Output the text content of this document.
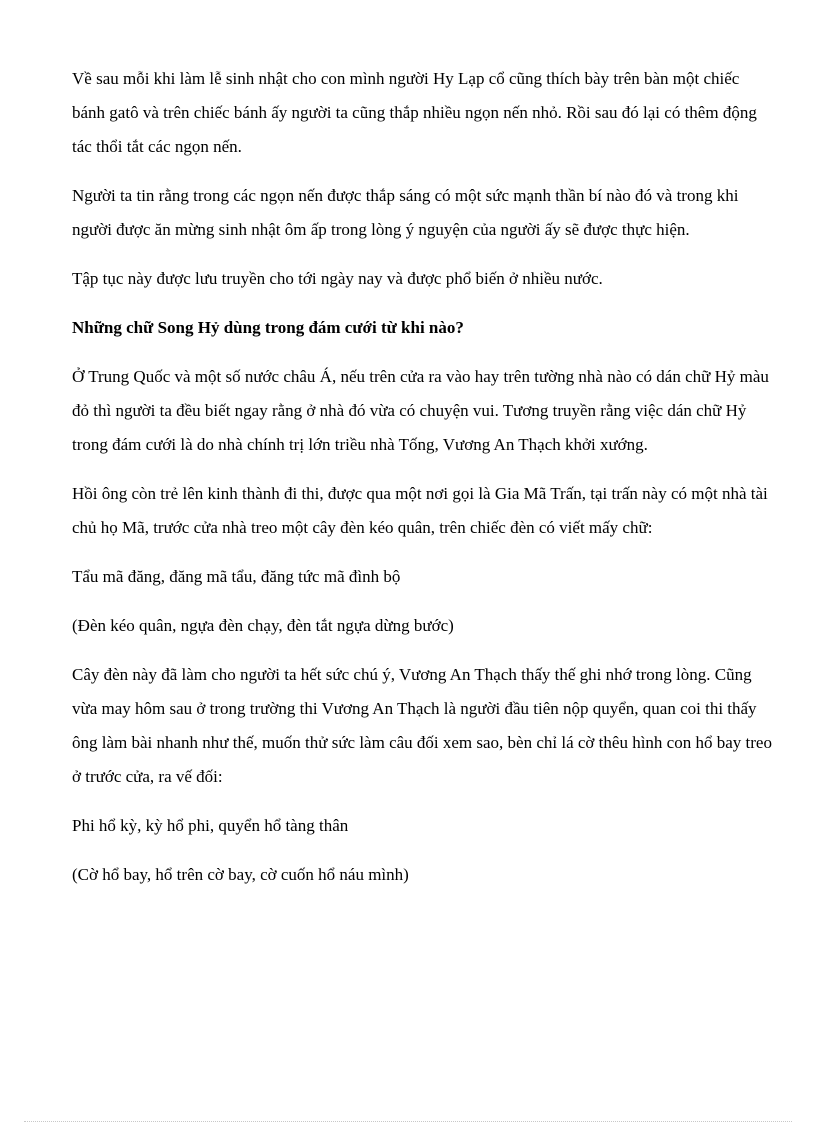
Về sau mỗi khi làm lễ sinh nhật cho con mình người Hy Lạp cổ cũng thích bày trên bàn một chiếc bánh gatô và trên chiếc bánh ấy người ta cũng thắp nhiều ngọn nến nhỏ. Rồi sau đó lại có thêm động tác thổi tắt các ngọn nến.

Người ta tin rằng trong các ngọn nến được thắp sáng có một sức mạnh thần bí nào đó và trong khi người được ăn mừng sinh nhật ôm ấp trong lòng ý nguyện của người ấy sẽ được thực hiện.

Tập tục này được lưu truyền cho tới ngày nay và được phổ biến ở nhiều nước.

Những chữ Song Hỷ dùng trong đám cưới từ khi nào?

Ở Trung Quốc và một số nước châu Á, nếu trên cửa ra vào hay trên tường nhà nào có dán chữ Hỷ màu đỏ thì người ta đều biết ngay rằng ở nhà đó vừa có chuyện vui. Tương truyền rằng việc dán chữ Hỷ trong đám cưới là do nhà chính trị lớn triều nhà Tống, Vương An Thạch khởi xướng.

Hồi ông còn trẻ lên kinh thành đi thi, được qua một nơi gọi là Gia Mã Trấn, tại trấn này có một nhà tài chủ họ Mã, trước cửa nhà treo một cây đèn kéo quân, trên chiếc đèn có viết mấy chữ:

Tẩu mã đăng, đăng mã tẩu, đăng tức mã đình bộ

(Đèn kéo quân, ngựa đèn chạy, đèn tắt ngựa dừng bước)

Cây đèn này đã làm cho người ta hết sức chú ý, Vương An Thạch thấy thế ghi nhớ trong lòng. Cũng vừa may hôm sau ở trong trường thi Vương An Thạch là người đầu tiên nộp quyển, quan coi thi thấy ông làm bài nhanh như thế, muốn thử sức làm câu đối xem sao, bèn chỉ lá cờ thêu hình con hổ bay treo ở trước cửa, ra vế đối:

Phi hổ kỳ, kỳ hổ phi, quyển hổ tàng thân

(Cờ hổ bay, hổ trên cờ bay, cờ cuốn hổ náu mình)
